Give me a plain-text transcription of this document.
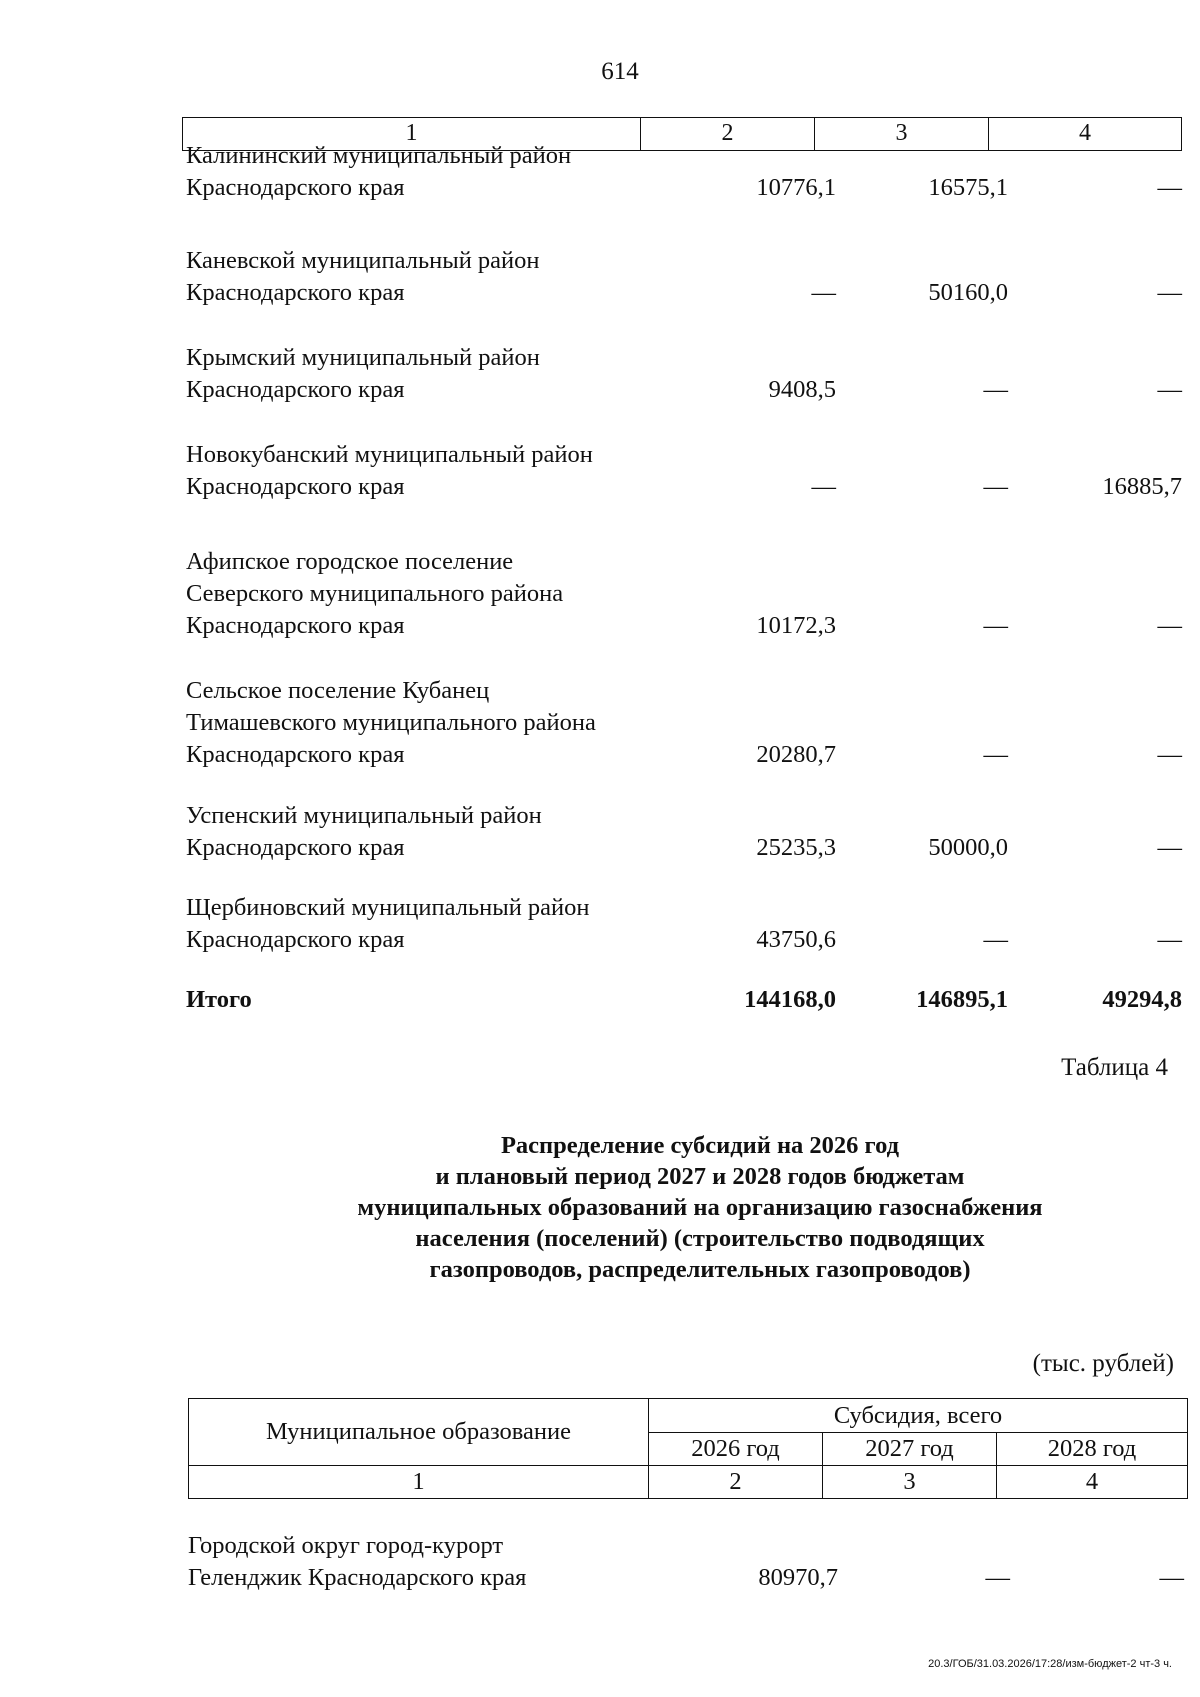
614
1	2	3	4
Калининский муниципальный район Краснодарского края	10776,1	16575,1	—
Каневской муниципальный район Краснодарского края	—	50160,0	—
Крымский муниципальный район Краснодарского края	9408,5	—	—
Новокубанский муниципальный район Краснодарского края	—	—	16885,7
Афипское городское поселение Северского муниципального района Краснодарского края	10172,3	—	—
Сельское поселение Кубанец Тимашевского муниципального района Краснодарского края	20280,7	—	—
Успенский муниципальный район Краснодарского края	25235,3	50000,0	—
Щербиновский муниципальный район Краснодарского края	43750,6	—	—
Итого	144168,0	146895,1	49294,8
Таблица 4
Распределение субсидий на 2026 год
и плановый период 2027 и 2028 годов бюджетам
муниципальных образований на организацию газоснабжения
населения (поселений) (строительство подводящих
газопроводов, распределительных газопроводов)
(тыс. рублей)
Муниципальное образование
Субсидия, всего
2026 год	2027 год	2028 год
1	2	3	4
Городской округ город-курорт Геленджик Краснодарского края	80970,7	—	—
20.3/ГОБ/31.03.2026/17:28/изм-бюджет-2 чт-3 ч.
